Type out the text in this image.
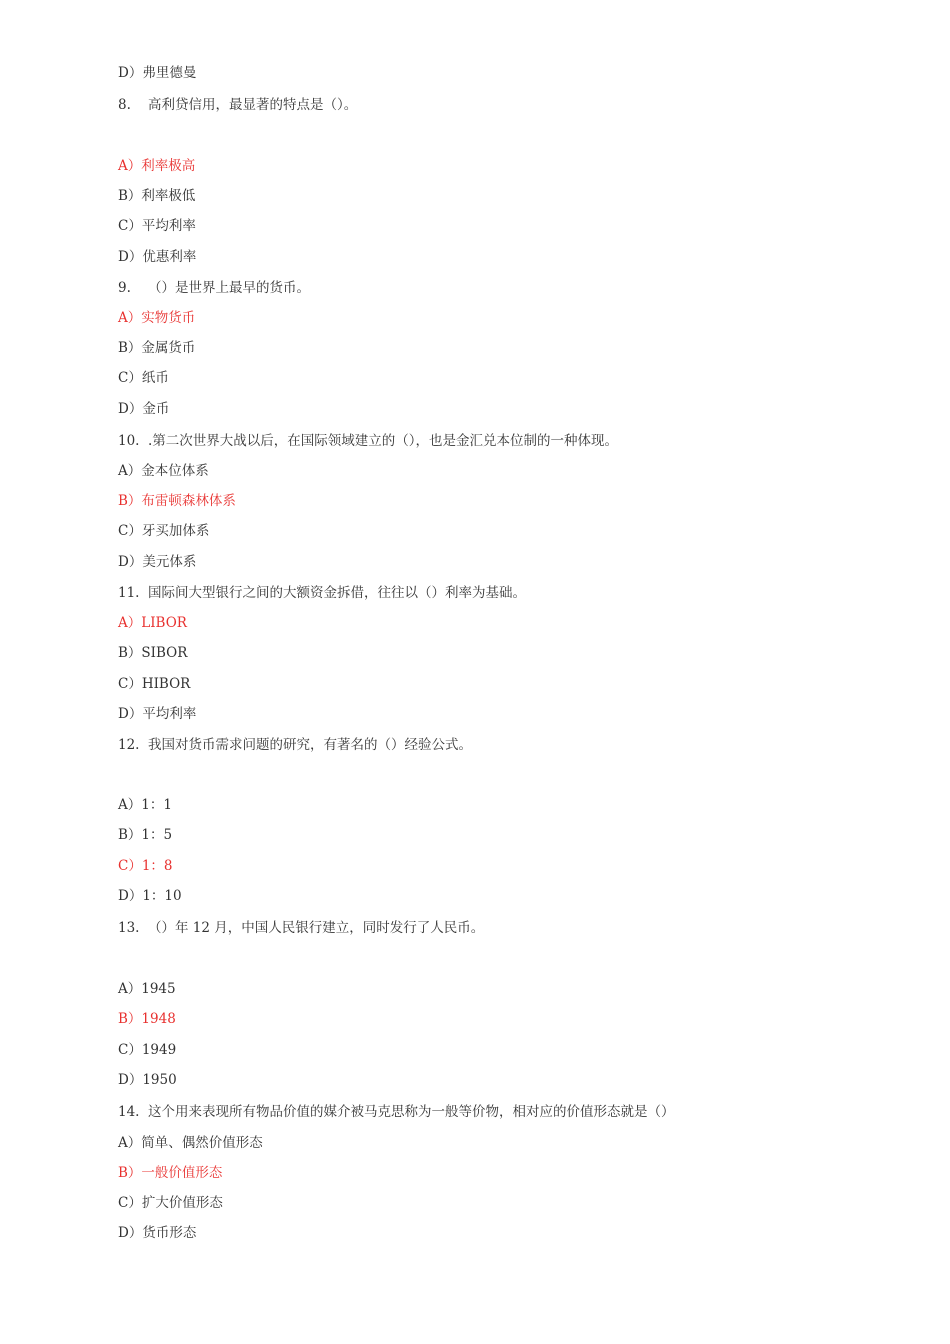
D）弗里德曼
8. 高利贷信用，最显著的特点是（）。
A）利率极高
B）利率极低
C）平均利率
D）优惠利率
9. （）是世界上最早的货币。
A）实物货币
B）金属货币
C）纸币
D）金币
10. .第二次世界大战以后，在国际领域建立的（），也是金汇兑本位制的一种体现。
A）金本位体系
B）布雷顿森林体系
C）牙买加体系
D）美元体系
11. 国际间大型银行之间的大额资金拆借，往往以（）利率为基础。
A）LIBOR
B）SIBOR
C）HIBOR
D）平均利率
12. 我国对货币需求问题的研究，有著名的（）经验公式。
A）1：1
B）1：5
C）1：8
D）1：10
13. （）年 12 月，中国人民银行建立，同时发行了人民币。
A）1945
B）1948
C）1949
D）1950
14. 这个用来表现所有物品价值的媒介被马克思称为一般等价物，相对应的价值形态就是（）
A）简单、偶然价值形态
B）一般价值形态
C）扩大价值形态
D）货币形态
